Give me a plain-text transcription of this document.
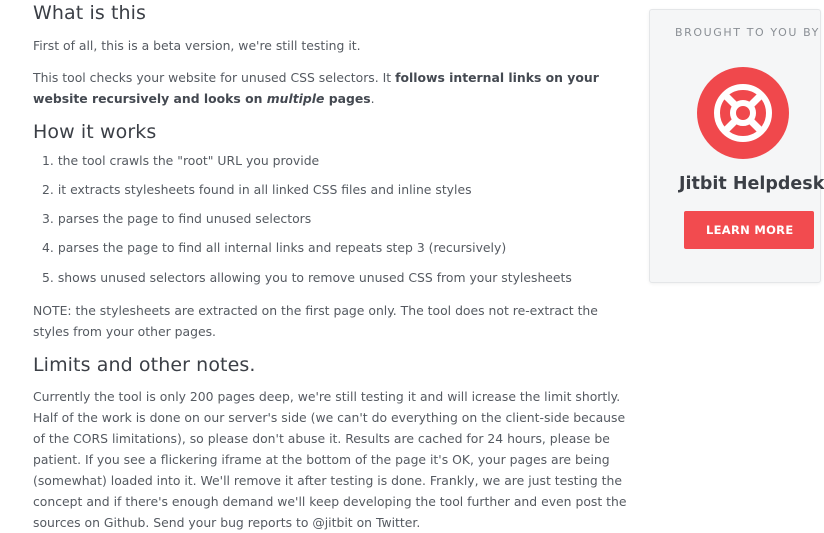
What is this

First of all, this is a beta version, we're still testing it.

This tool checks your website for unused CSS selectors. It follows internal links on your website recursively and looks on multiple pages.

How it works
1. the tool crawls the "root" URL you provide
2. it extracts stylesheets found in all linked CSS files and inline styles
3. parses the page to find unused selectors
4. parses the page to find all internal links and repeats step 3 (recursively)
5. shows unused selectors allowing you to remove unused CSS from your stylesheets

NOTE: the stylesheets are extracted on the first page only. The tool does not re-extract the styles from your other pages.

Limits and other notes.

Currently the tool is only 200 pages deep, we're still testing it and will icrease the limit shortly. Half of the work is done on our server's side (we can't do everything on the client-side because of the CORS limitations), so please don't abuse it. Results are cached for 24 hours, please be patient. If you see a flickering iframe at the bottom of the page it's OK, your pages are being (somewhat) loaded into it. We'll remove it after testing is done. Frankly, we are just testing the concept and if there's enough demand we'll keep developing the tool further and even post the sources on Github. Send your bug reports to @jitbit on Twitter.

BROUGHT TO YOU BY
Jitbit Helpdesk
LEARN MORE
